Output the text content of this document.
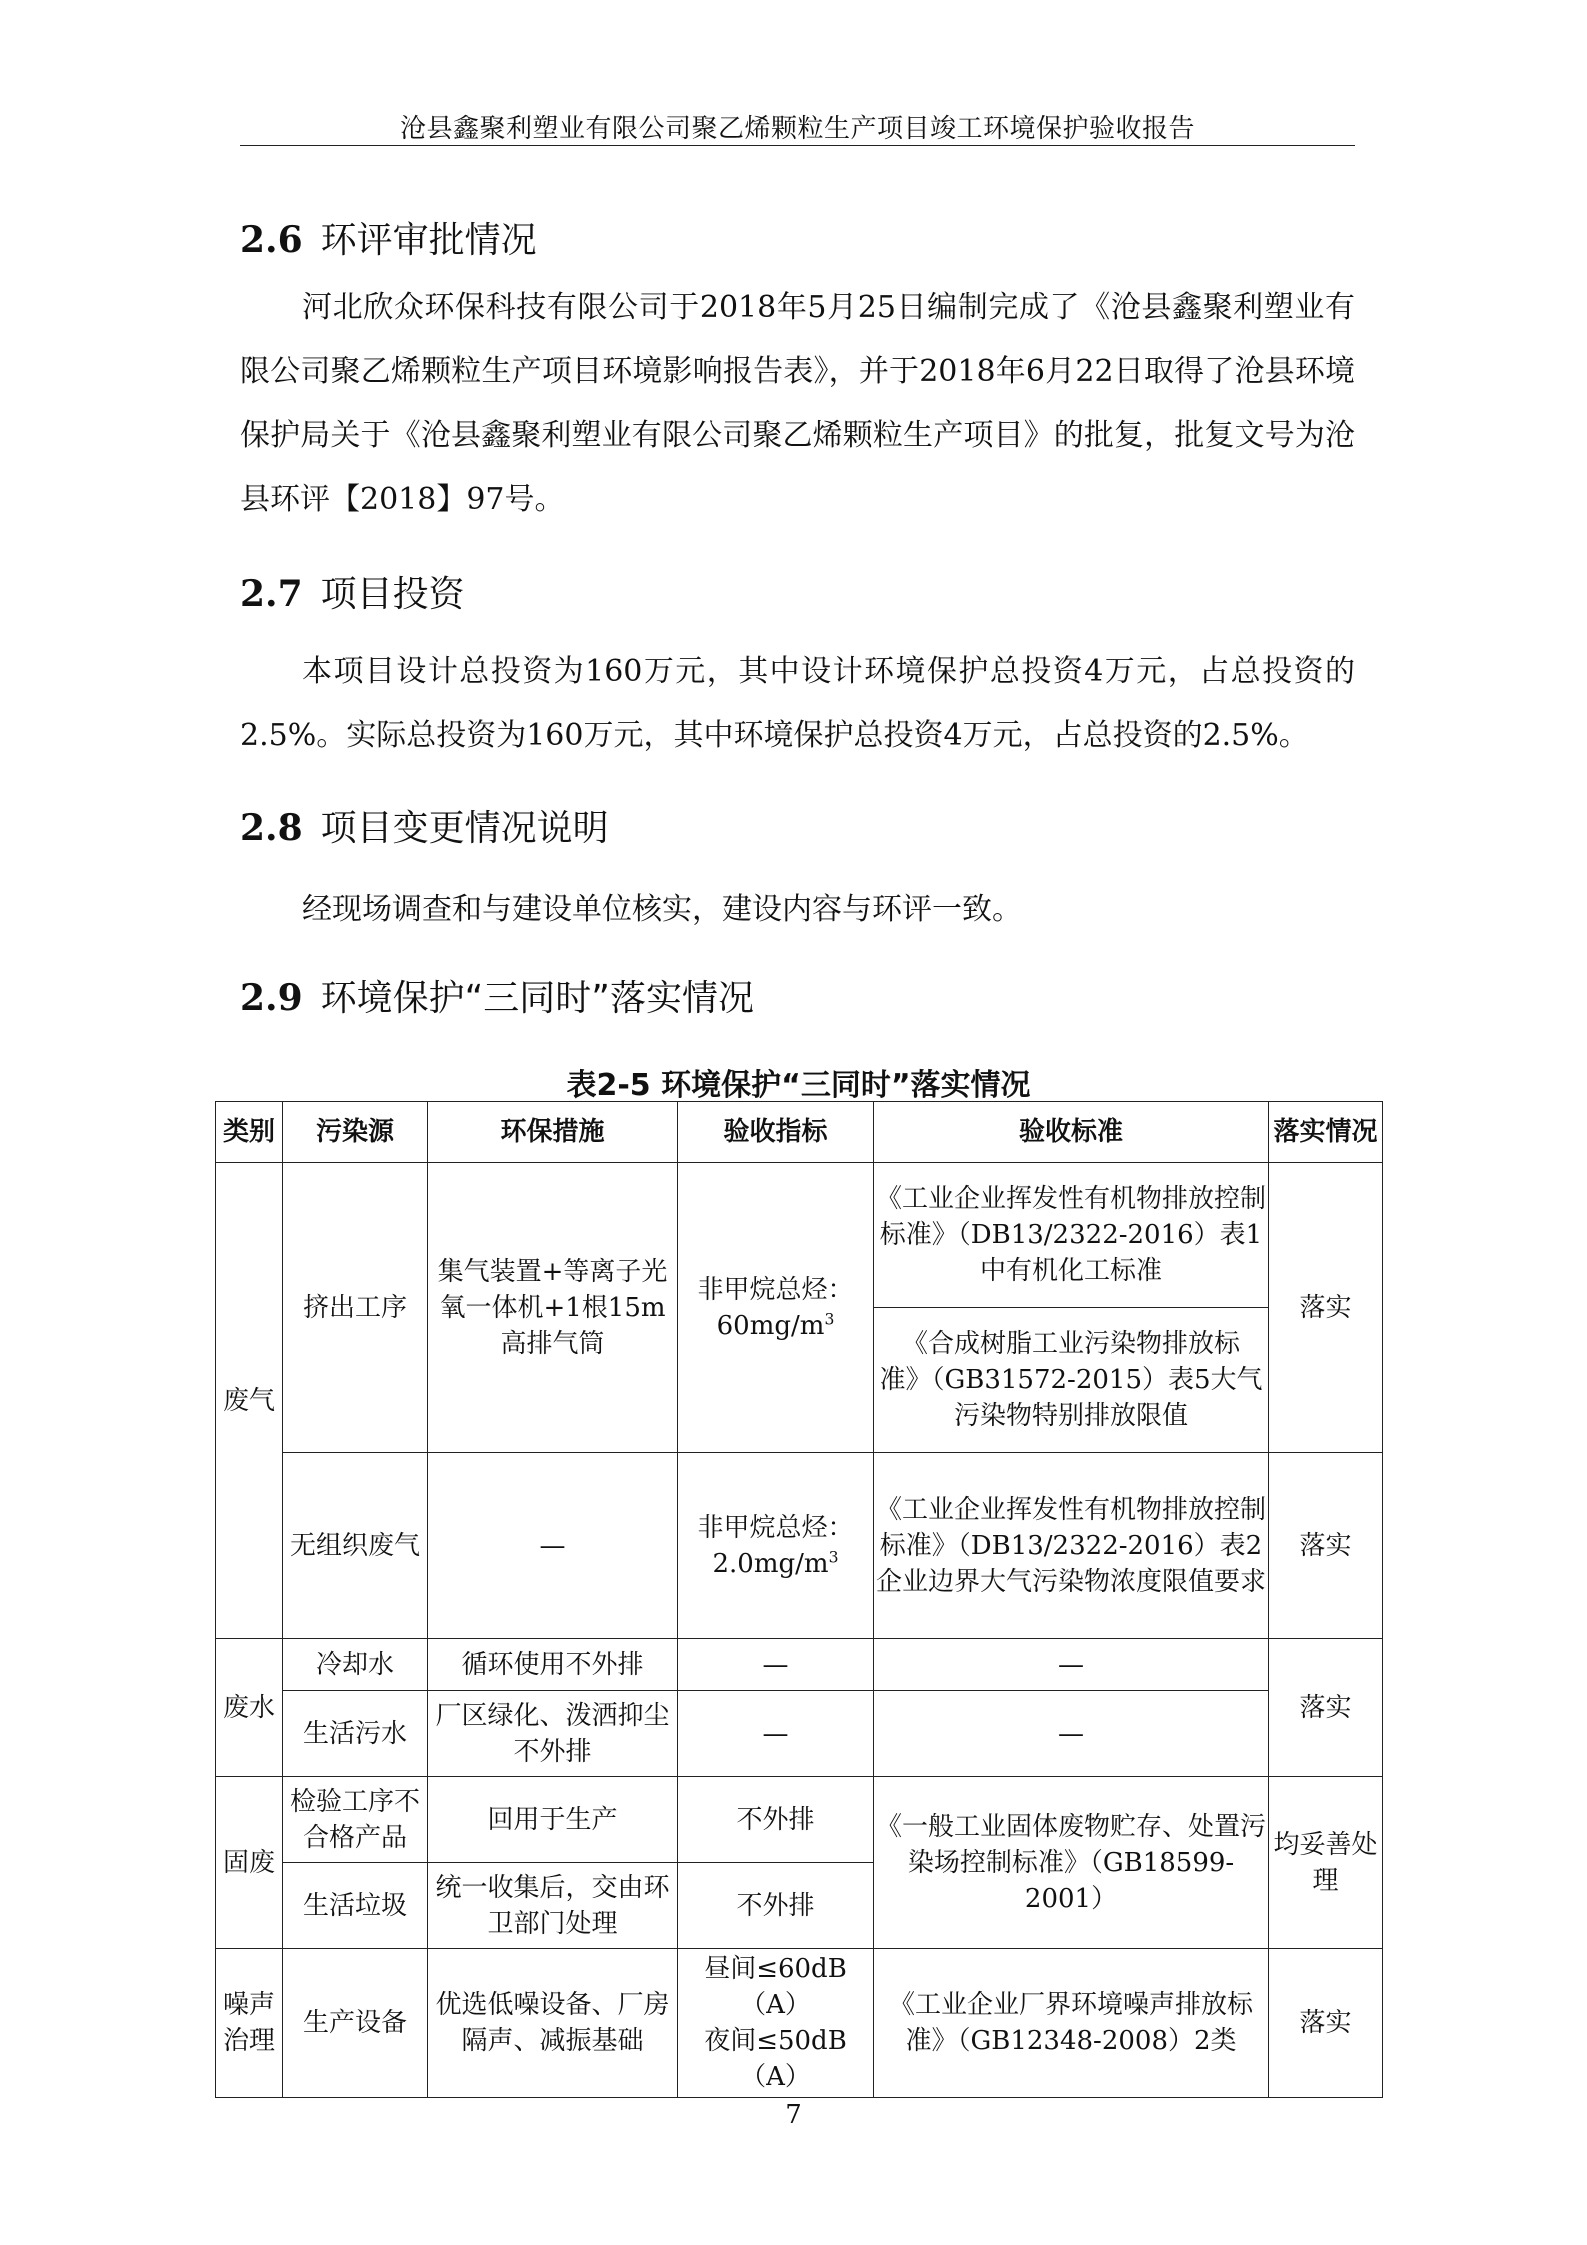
沧县鑫聚利塑业有限公司聚乙烯颗粒生产项目竣工环境保护验收报告
2.6 环评审批情况

河北欣众环保科技有限公司于2018年5月25日编制完成了《沧县鑫聚利塑业有限公司聚乙烯颗粒生产项目环境影响报告表》，并于2018年6月22日取得了沧县环境保护局关于《沧县鑫聚利塑业有限公司聚乙烯颗粒生产项目》的批复，批复文号为沧县环评【2018】97号。

2.7 项目投资

本项目设计总投资为160万元，其中设计环境保护总投资4万元，占总投资的2.5%。实际总投资为160万元，其中环境保护总投资4万元，占总投资的2.5%。

2.8 项目变更情况说明

经现场调查和与建设单位核实，建设内容与环评一致。

2.9 环境保护“三同时”落实情况
表2-5 环境保护“三同时”落实情况
类别	污染源	环保措施	验收指标	验收标准	落实情况
废气	挤出工序	集气装置+等离子光氧一体机+1根15m高排气筒	非甲烷总烃：
$60mg/m^3$	《工业企业挥发性有机物排放控制标准》（DB13/2322-2016）表1中有机化工标准	落实
				《合成树脂工业污染物排放标准》（GB31572-2015）表5大气污染物特别排放限值	
	无组织废气	—	非甲烷总烃：
$2.0mg/m^3$	《工业企业挥发性有机物排放控制标准》（DB13/2322-2016）表2企业边界大气污染物浓度限值要求	落实
废水	冷却水	循环使用不外排	—	—	落实
	生活污水	厂区绿化、泼洒抑尘不外排	—	—	
固废	检验工序不合格产品	回用于生产	不外排	《一般工业固体废物贮存、处置污染场控制标准》（GB18599-2001）	均妥善处理
	生活垃圾	统一收集后，交由环卫部门处理	不外排		
噪声治理	生产设备	优选低噪设备、厂房隔声、减振基础	昼间≤60dB（A）
夜间≤50dB（A）	《工业企业厂界环境噪声排放标准》（GB12348-2008）2类	落实
7
